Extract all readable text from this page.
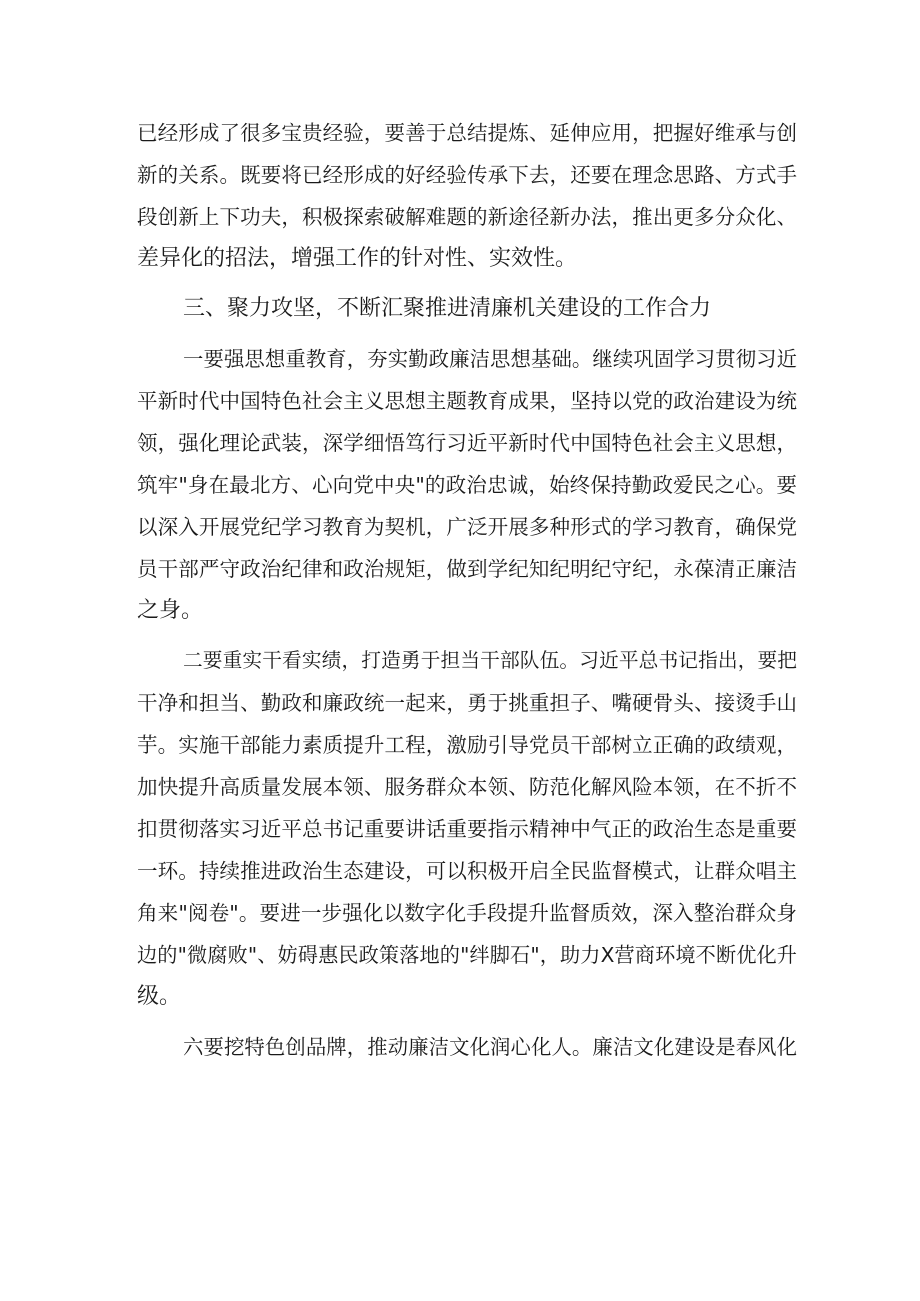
已经形成了很多宝贵经验，要善于总结提炼、延伸应用，把握好维承与创
新的关系。既要将已经形成的好经验传承下去，还要在理念思路、方式手
段创新上下功夫，积极探索破解难题的新途径新办法，推出更多分众化、
差异化的招法，增强工作的针对性、实效性。
三、聚力攻坚，不断汇聚推进清廉机关建设的工作合力
一要强思想重教育，夯实勤政廉洁思想基础。继续巩固学习贯彻习近
平新时代中国特色社会主义思想主题教育成果，坚持以党的政治建设为统
领，强化理论武装，深学细悟笃行习近平新时代中国特色社会主义思想，
筑牢"身在最北方、心向党中央"的政治忠诚，始终保持勤政爱民之心。要
以深入开展党纪学习教育为契机，广泛开展多种形式的学习教育，确保党
员干部严守政治纪律和政治规矩，做到学纪知纪明纪守纪，永葆清正廉洁
之身。
二要重实干看实绩，打造勇于担当干部队伍。习近平总书记指出，要把
干净和担当、勤政和廉政统一起来，勇于挑重担子、嘴硬骨头、接烫手山
芋。实施干部能力素质提升工程，激励引导党员干部树立正确的政绩观，
加快提升高质量发展本领、服务群众本领、防范化解风险本领，在不折不
扣贯彻落实习近平总书记重要讲话重要指示精神中气正的政治生态是重要
一环。持续推进政治生态建设，可以积极开启全民监督模式，让群众唱主
角来"阅卷"。要进一步强化以数字化手段提升监督质效，深入整治群众身
边的"微腐败"、妨碍惠民政策落地的"绊脚石"，助力X营商环境不断优化升
级。
六要挖特色创品牌，推动廉洁文化润心化人。廉洁文化建设是春风化
